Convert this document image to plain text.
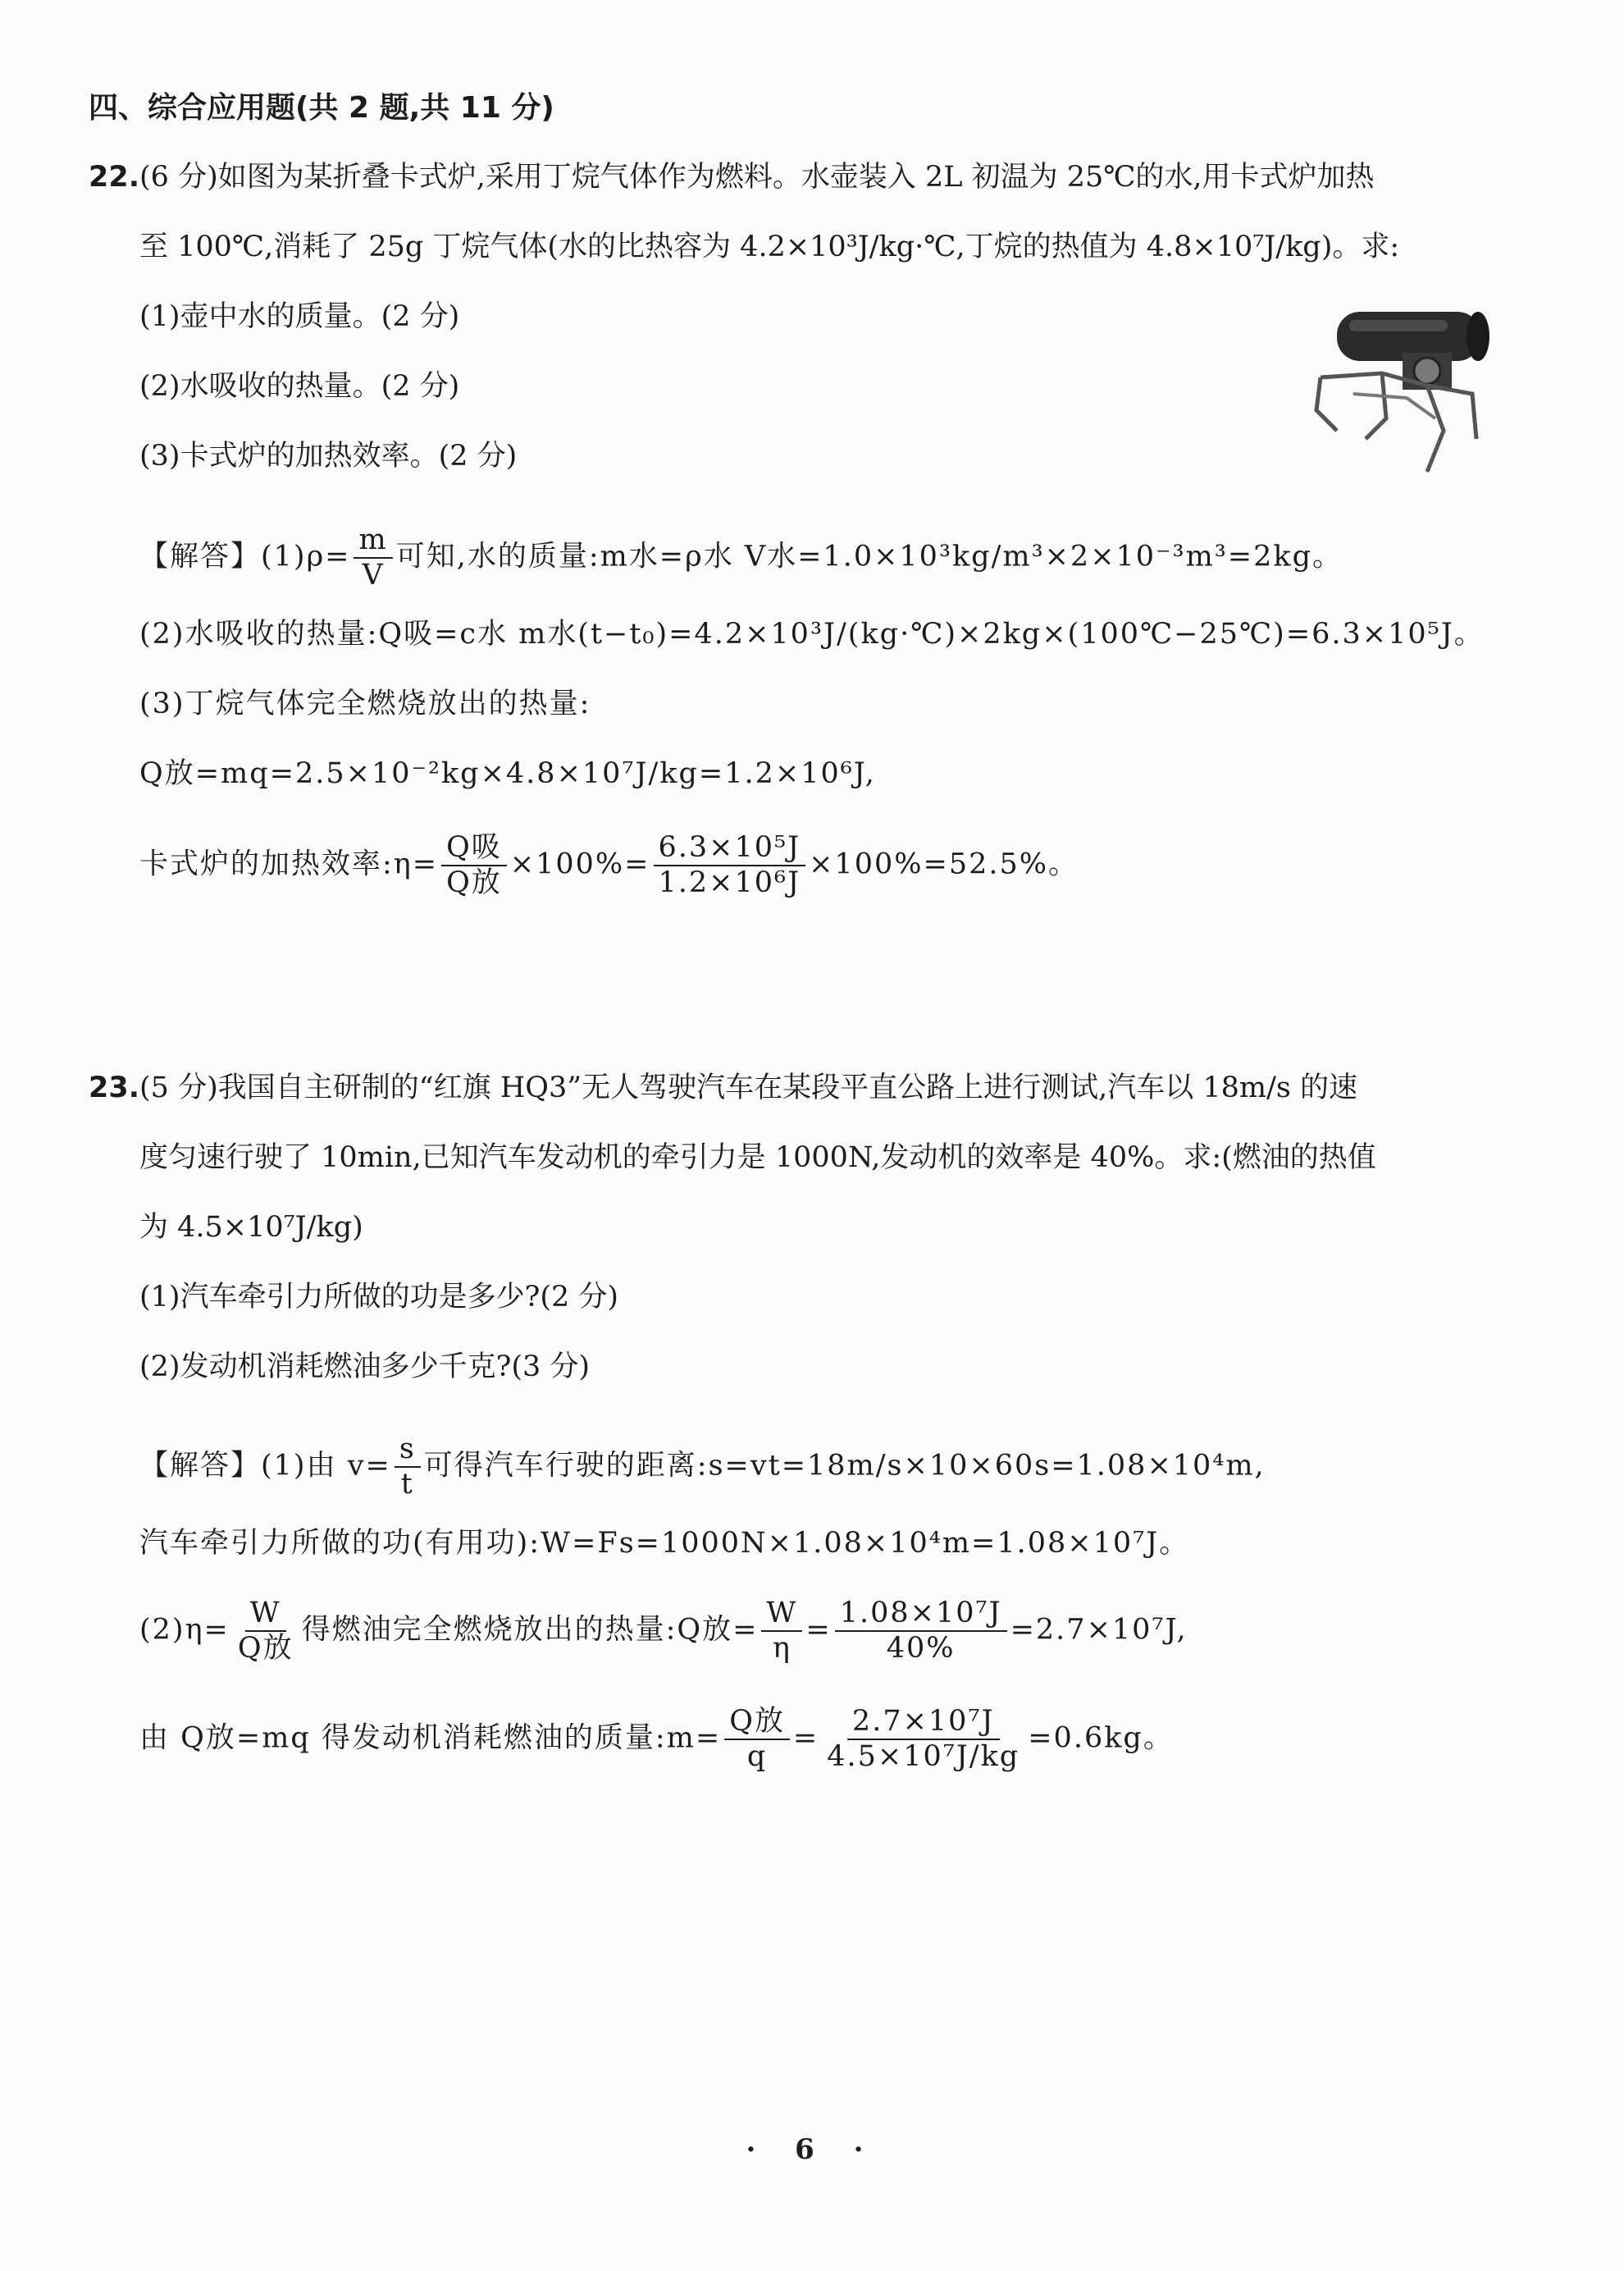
四、综合应用题(共 2 题,共 11 分)
22.(6 分)如图为某折叠卡式炉,采用丁烷气体作为燃料。水壶装入 2L 初温为 25℃的水,用卡式炉加热
至 100℃,消耗了 25g 丁烷气体(水的比热容为 4.2×10³J/kg·℃,丁烷的热值为 4.8×10⁷J/kg)。求:
(1)壶中水的质量。(2 分)
(2)水吸收的热量。(2 分)
(3)卡式炉的加热效率。(2 分)
【解答】$(1)\rho= \frac{m}{V}$ 可知,水的质量:m水=ρ水 V水=1.0×10³kg/m³×2×10⁻³m³=2kg。
(2)水吸收的热量:Q吸=c水 m水(t−t₀)=4.2×10³J/(kg·℃)×2kg×(100℃−25℃)=6.3×10⁵J。
(3)丁烷气体完全燃烧放出的热量:
Q放=mq=2.5×10⁻²kg×4.8×10⁷J/kg=1.2×10⁶J,
卡式炉的加热效率:η= $\frac{\text{Q吸}}{\text{Q放}} \times 100\%= \frac{\text{6.3×10⁵J}}{\text{1.2×10⁶J}} \times 100\%=52.5\%$。
23.(5 分)我国自主研制的“红旗 HQ3”无人驾驶汽车在某段平直公路上进行测试,汽车以 18m/s 的速
度匀速行驶了 10min,已知汽车发动机的牵引力是 1000N,发动机的效率是 40%。求:(燃油的热值
为 4.5×10⁷J/kg)
(1)汽车牵引力所做的功是多少?(2 分)
(2)发动机消耗燃油多少千克?(3 分)
【解答】(1)由 $v= \frac{s}{t}$ 可得汽车行驶的距离:s=vt=18m/s×10×60s=1.08×10⁴m,
汽车牵引力所做的功(有用功):W=Fs=1000N×1.08×10⁴m=1.08×10⁷J。
$(2)\eta= \frac{W}{\text{Q放}}$ 得燃油完全燃烧放出的热量:Q放= $\frac{W}{\eta} = \frac{\text{1.08×10⁷J}}{40\%} =2.7\times 10^7J$,
由 Q放=mq 得发动机消耗燃油的质量:m= $\frac{\text{Q放}}{q} = \frac{\text{2.7×10⁷J}}{\text{4.5×10⁷J/kg}} =0.6kg$。
· 6 ·
